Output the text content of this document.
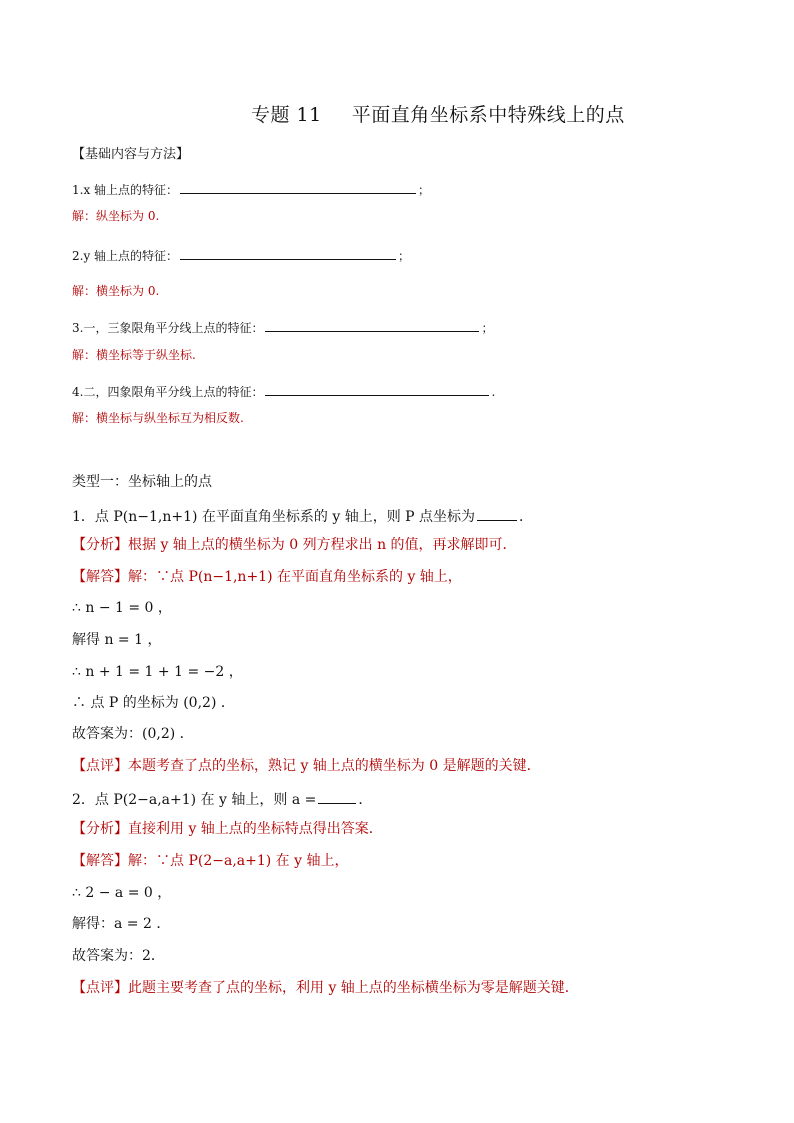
专题 11 平面直角坐标系中特殊线上的点
【基础内容与方法】
1.x 轴上点的特征：	；
解：纵坐标为 0.
2.y 轴上点的特征：	；
解：横坐标为 0.
3.一，三象限角平分线上点的特征：	；
解：横坐标等于纵坐标.
4.二，四象限角平分线上点的特征：	.
解：横坐标与纵坐标互为相反数.
类型一：坐标轴上的点
1．点 P(n−1,n+1) 在平面直角坐标系的 y 轴上，则 P 点坐标为	．
【分析】根据 y 轴上点的横坐标为 0 列方程求出 n 的值，再求解即可．
【解答】解：∵点 P(n−1,n+1) 在平面直角坐标系的 y 轴上，
∴ n − 1 = 0 ，
解得 n = 1 ，
∴ n + 1 = 1 + 1 = −2 ，
∴ 点 P 的坐标为 (0,2) ．
故答案为：(0,2) ．
【点评】本题考查了点的坐标，熟记 y 轴上点的横坐标为 0 是解题的关键．
2．点 P(2−a,a+1) 在 y 轴上，则 a =	．
【分析】直接利用 y 轴上点的坐标特点得出答案．
【解答】解：∵点 P(2−a,a+1) 在 y 轴上，
∴ 2 − a = 0 ，
解得：a = 2 ．
故答案为：2．
【点评】此题主要考查了点的坐标，利用 y 轴上点的坐标横坐标为零是解题关键．
